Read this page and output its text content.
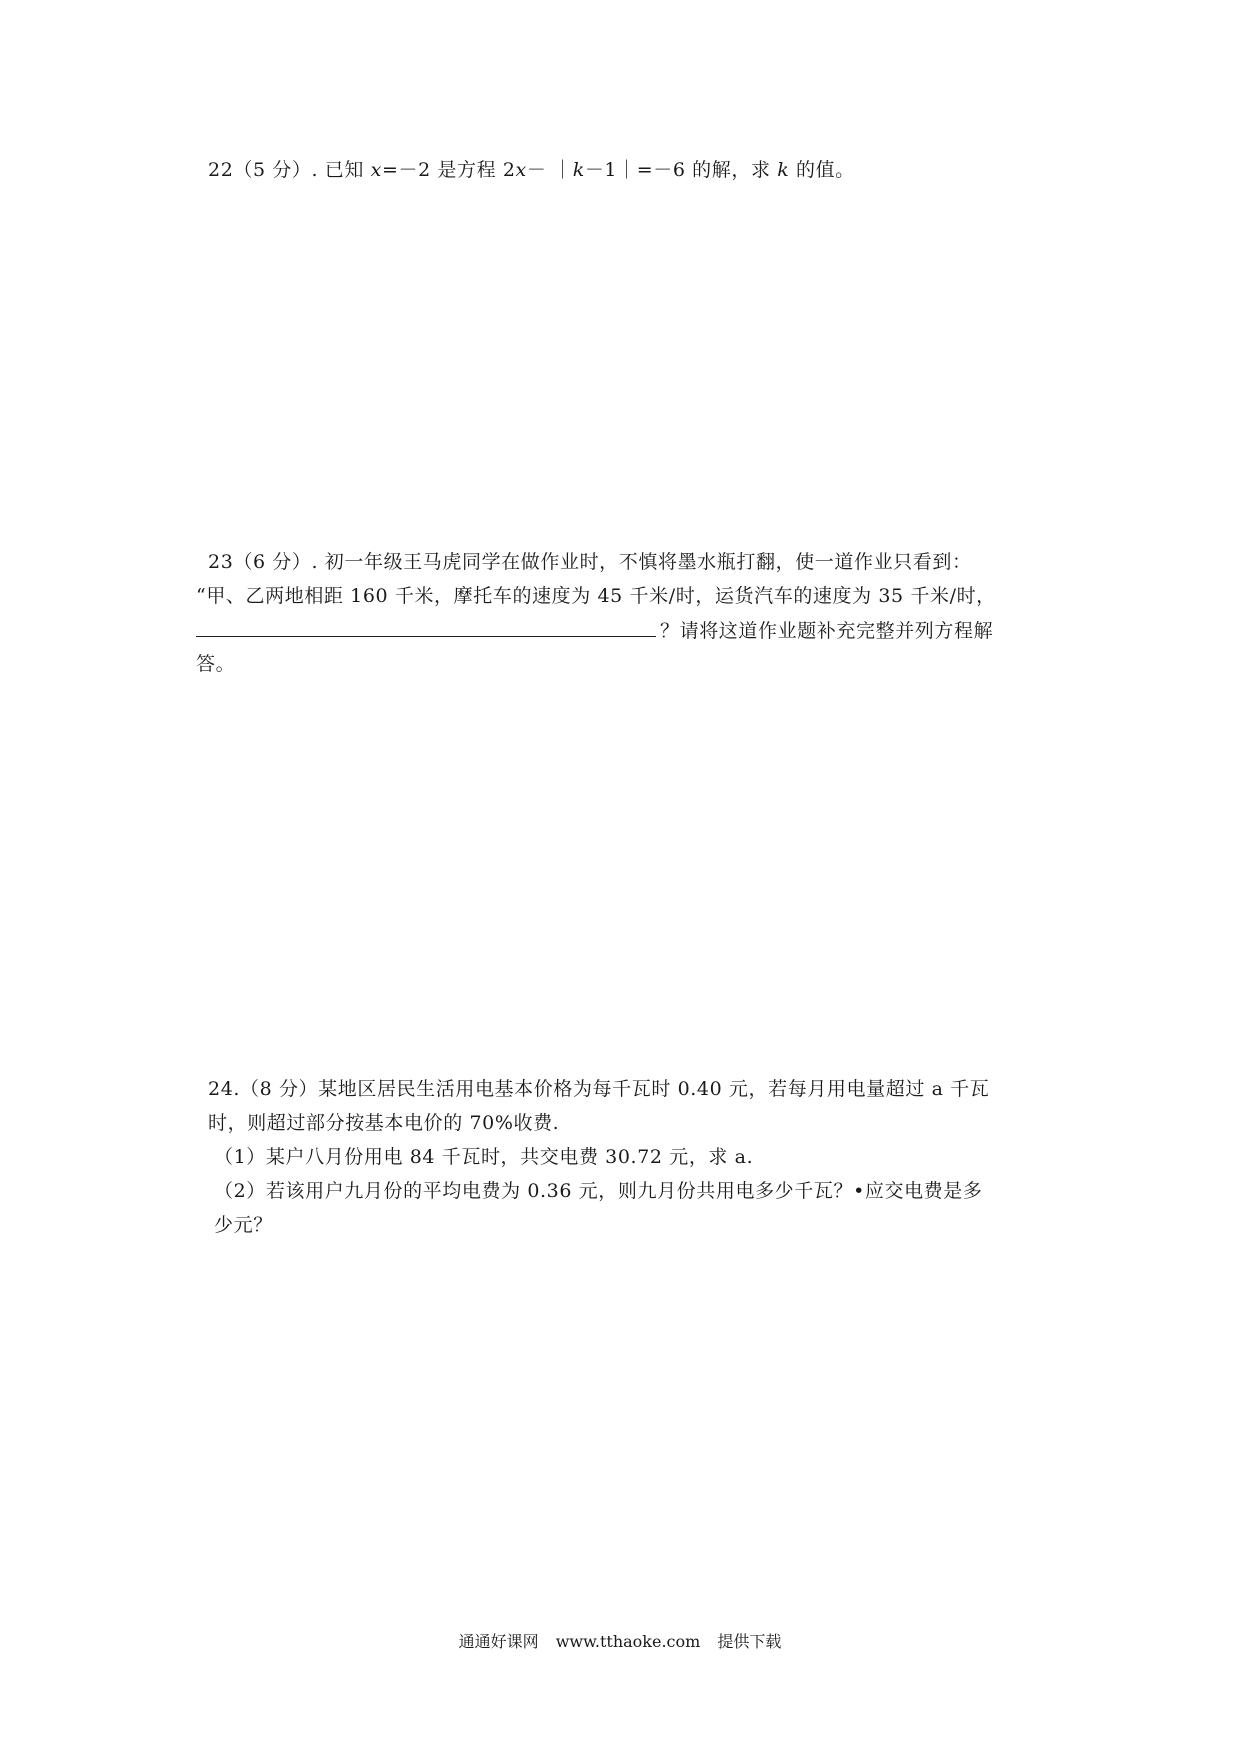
22（5 分）. 已知 x=－2 是方程 2x－ ｜k－1｜=－6 的解，求 k 的值。
23（6 分）. 初一年级王马虎同学在做作业时，不慎将墨水瓶打翻，使一道作业只看到：
“甲、乙两地相距 160 千米，摩托车的速度为 45 千米/时，运货汽车的速度为 35 千米/时，
？请将这道作业题补充完整并列方程解
答。
24.（8 分）某地区居民生活用电基本价格为每千瓦时 0.40 元，若每月用电量超过 a 千瓦
时，则超过部分按基本电价的 70%收费.
（1）某户八月份用电 84 千瓦时，共交电费 30.72 元，求 a.
（2）若该用户九月份的平均电费为 0.36 元，则九月份共用电多少千瓦？•应交电费是多
少元？
通通好课网 www.tthaoke.com 提供下载
